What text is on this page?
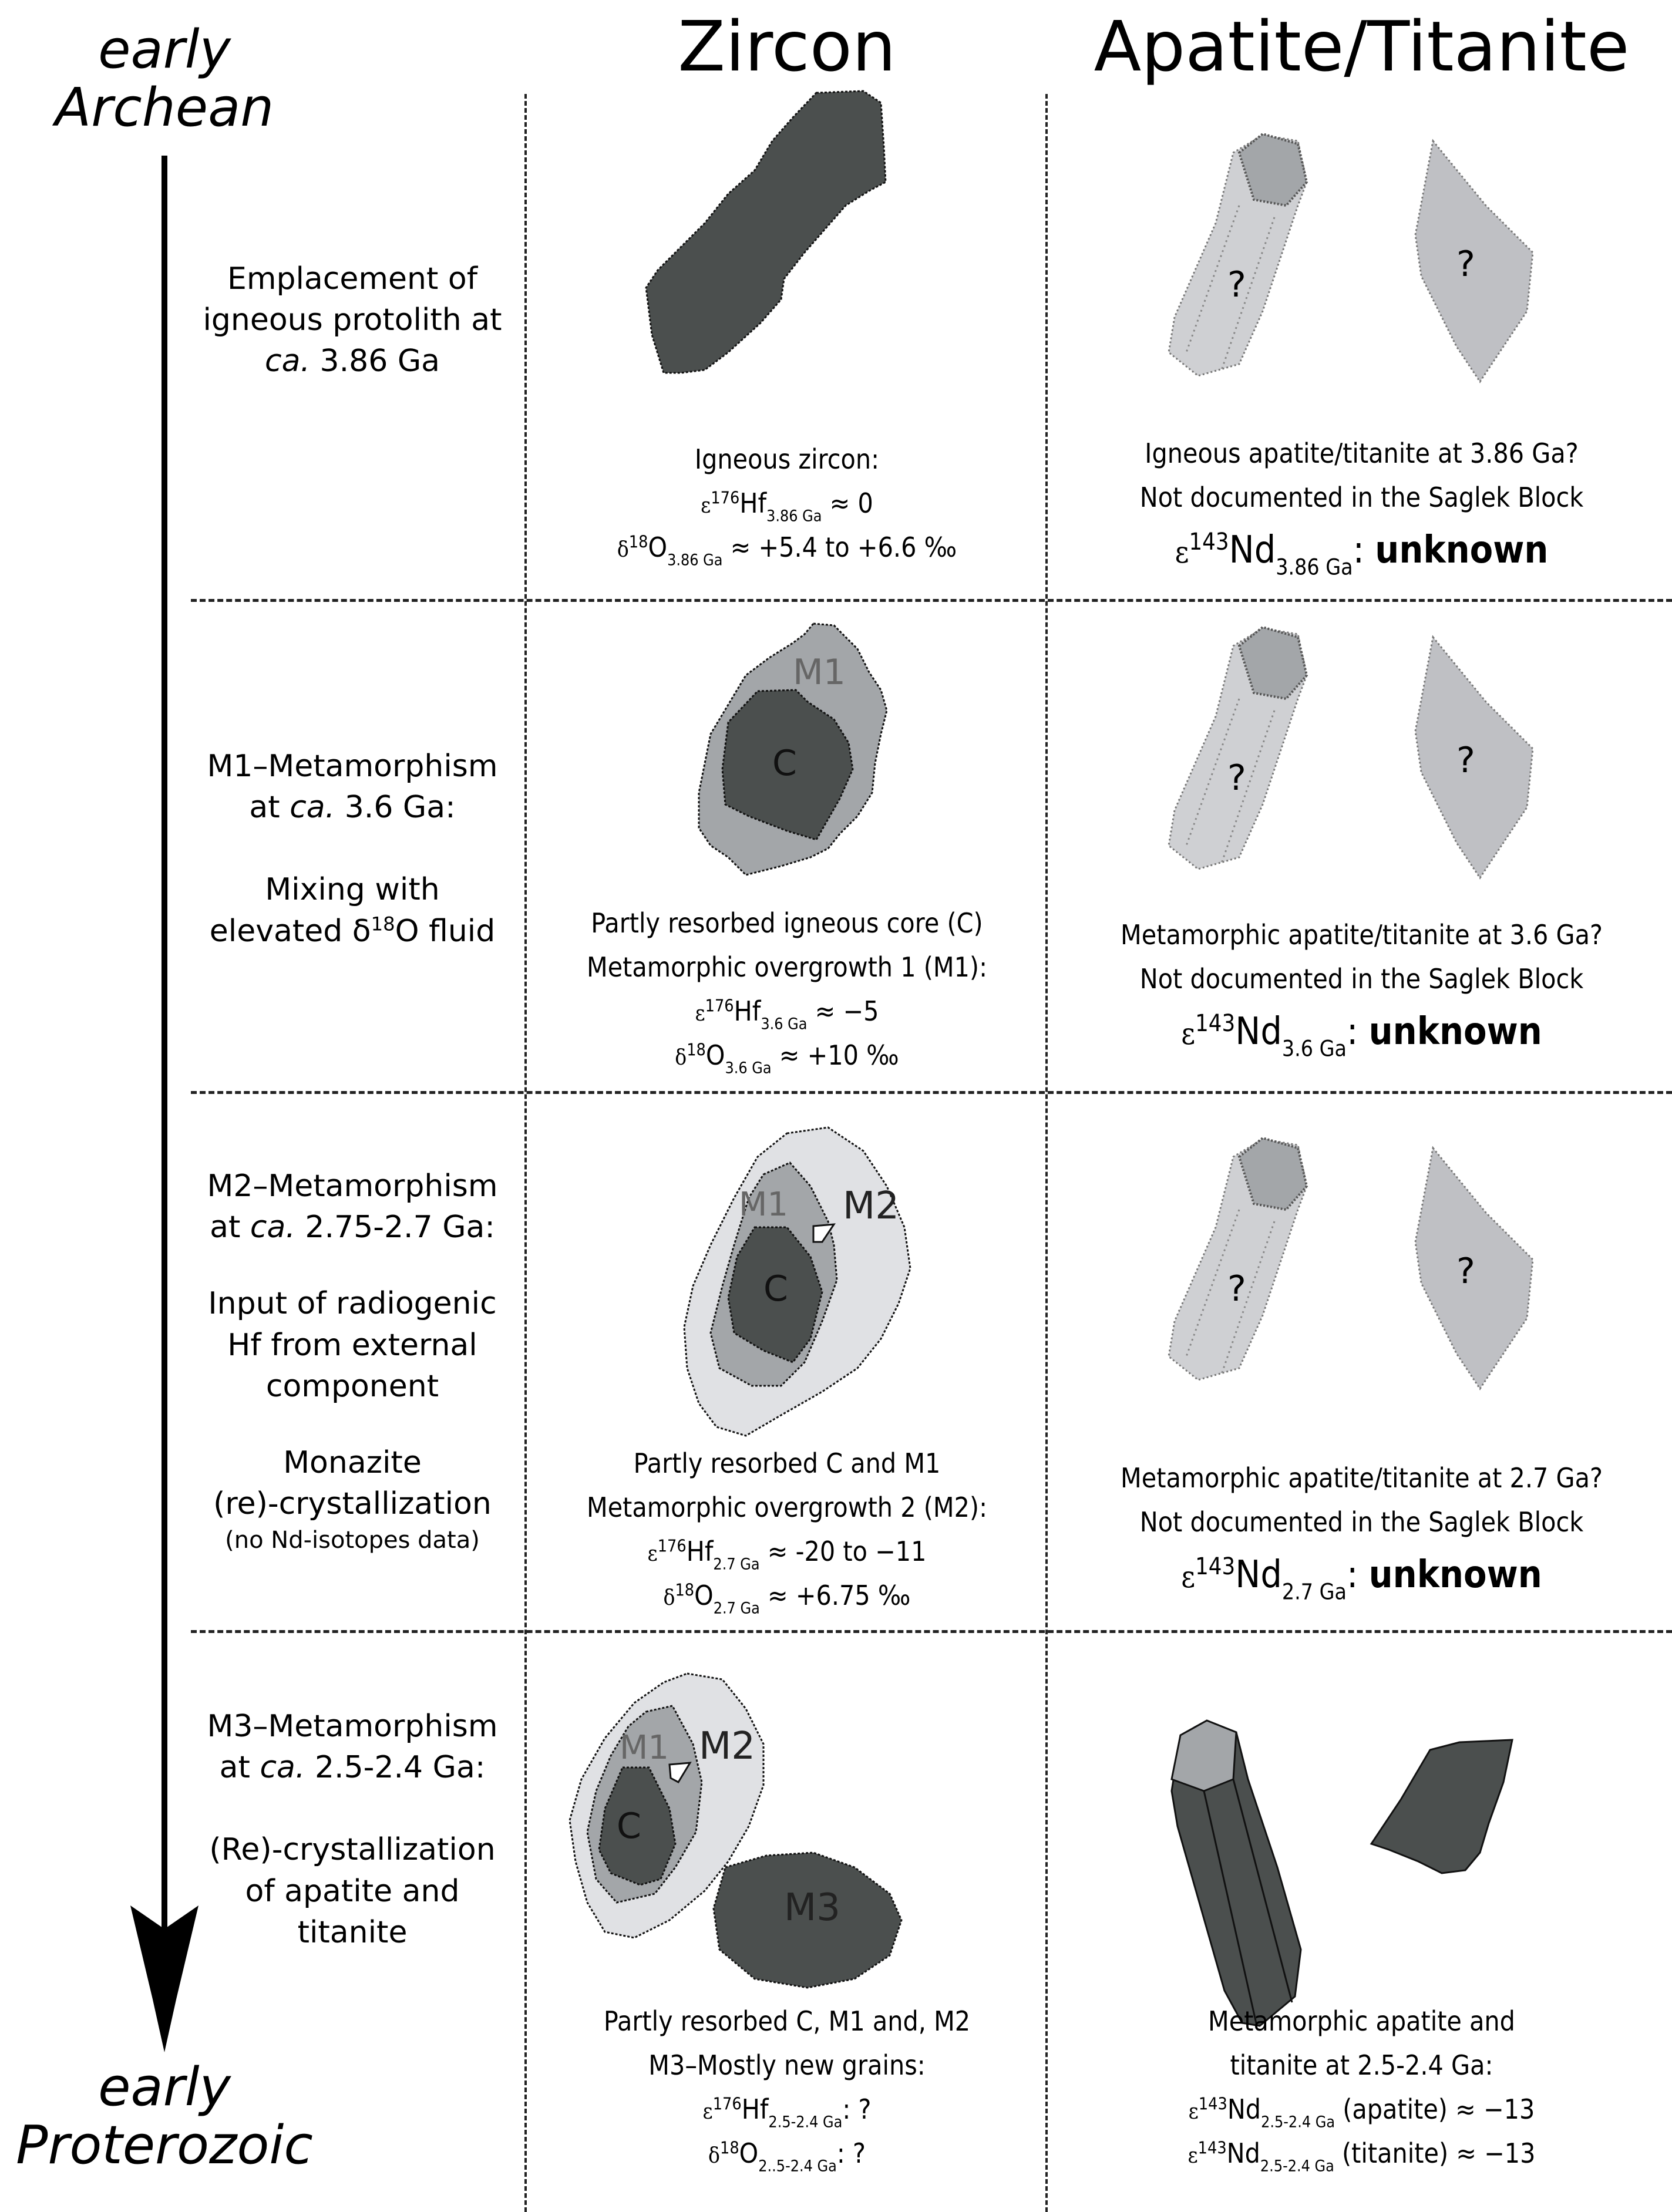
early
Archean
early
Proterozoic
Zircon	Apatite/Titanite
Emplacement of
igneous protolith at
ca. 3.86 Ga
Igneous zircon:
$\varepsilon^{176}Hf_{3.86 Ga} \approx 0$
$\delta^{18}O_{3.86 Ga} \approx +5.4$ to +6.6 ‰
?	?
Igneous apatite/titanite at 3.86 Ga?
Not documented in the Saglek Block
$\varepsilon^{143}Nd_{3.86 Ga}$: unknown
M1–Metamorphism
at ca. 3.6 Ga:
Mixing with
elevated $\delta^{18}O$ fluid
C
M1
Partly resorbed igneous core (C)
Metamorphic overgrowth 1 (M1):
$\varepsilon^{176}Hf_{3.6 Ga} \approx -5$
$\delta^{18}O_{3.6 Ga} \approx +10$ ‰
?	?
Metamorphic apatite/titanite at 3.6 Ga?
Not documented in the Saglek Block
$\varepsilon^{143}Nd_{3.6 Ga}$: unknown
M2–Metamorphism
at ca. 2.75-2.7 Ga:
Input of radiogenic
Hf from external
component
Monazite
(re)-crystallization
(no Nd-isotopes data)
C
M1 M2
Partly resorbed C and M1
Metamorphic overgrowth 2 (M2):
$\varepsilon^{176}Hf_{2.7 Ga} \approx -20$ to −11
$\delta^{18}O_{2.7 Ga} \approx +6.75$ ‰
?	?
Metamorphic apatite/titanite at 2.7 Ga?
Not documented in the Saglek Block
$\varepsilon^{143}Nd_{2.7 Ga}$: unknown
M3–Metamorphism
at ca. 2.5-2.4 Ga:
(Re)-crystallization
of apatite and
titanite
C
M1 M2
M3
Partly resorbed C, M1 and, M2
M3–Mostly new grains:
$\varepsilon^{176}Hf_{2.5-2.4 Ga}$: ?
$\delta^{18}O_{2..5-2.4 Ga}$: ?
Metamorphic apatite and
titanite at 2.5-2.4 Ga:
$\varepsilon^{143}Nd_{2.5-2.4 Ga}$ (apatite) ≈ −13
$\varepsilon^{143}Nd_{2.5-2.4 Ga}$ (titanite) ≈ −13
